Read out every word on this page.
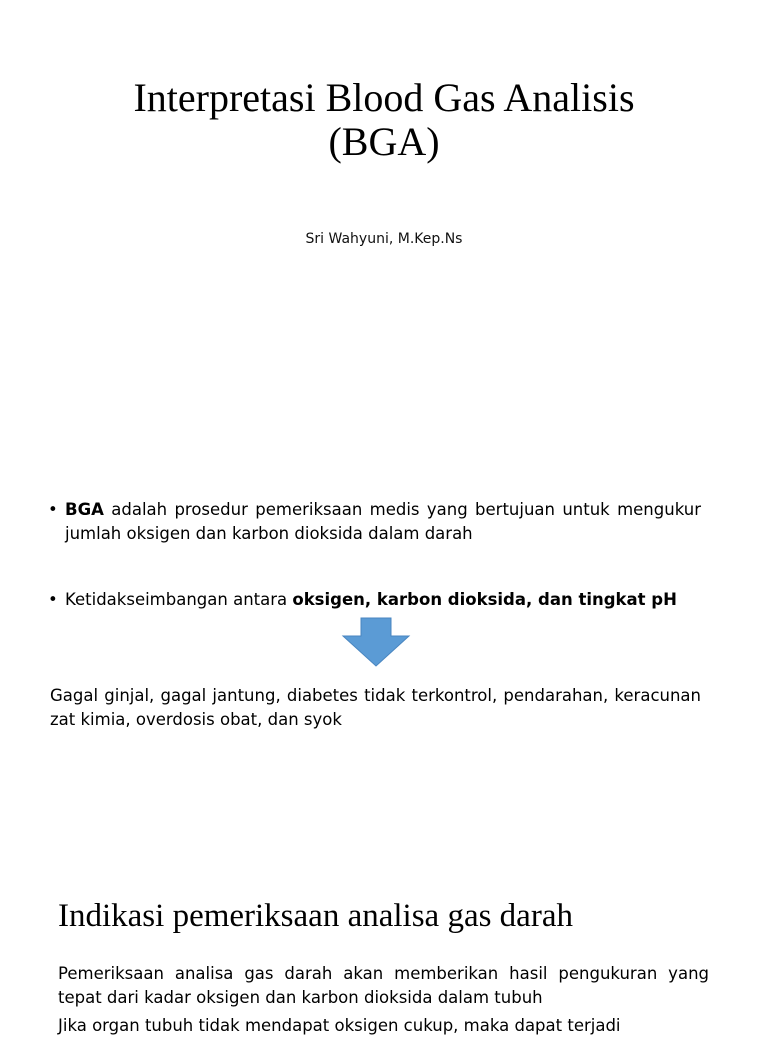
Interpretasi Blood Gas Analisis
(BGA)
Sri Wahyuni, M.Kep.Ns
• BGA adalah prosedur pemeriksaan medis yang bertujuan untuk mengukur jumlah oksigen dan karbon dioksida dalam darah
• Ketidakseimbangan antara oksigen, karbon dioksida, dan tingkat pH
Gagal ginjal, gagal jantung, diabetes tidak terkontrol, pendarahan, keracunan zat kimia, overdosis obat, dan syok
Indikasi pemeriksaan analisa gas darah
Pemeriksaan analisa gas darah akan memberikan hasil pengukuran yang tepat dari kadar oksigen dan karbon dioksida dalam tubuh
Jika organ tubuh tidak mendapat oksigen cukup, maka dapat terjadi
